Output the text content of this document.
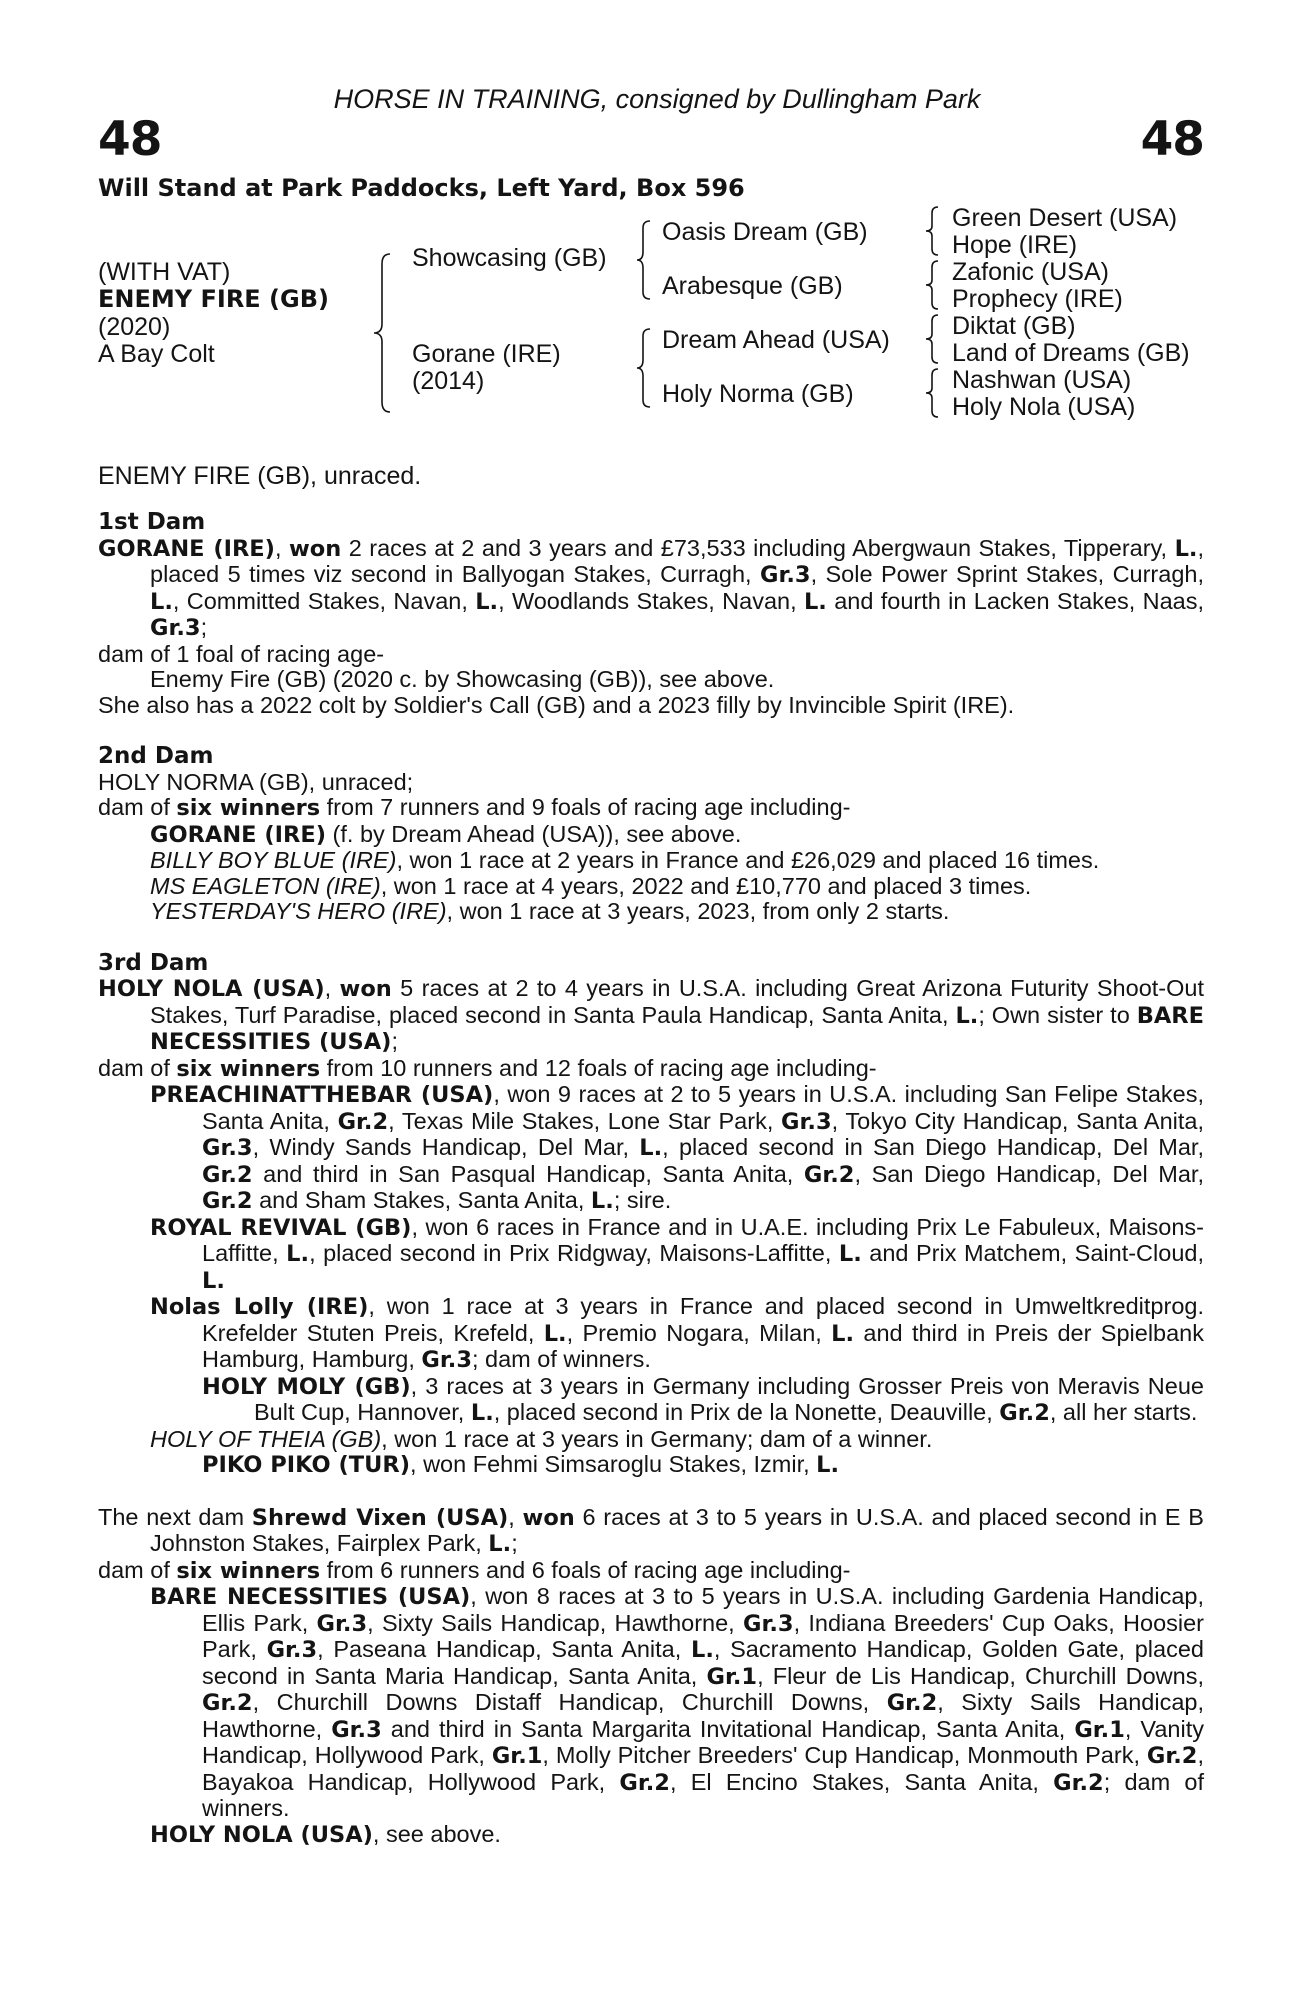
HORSE IN TRAINING, consigned by Dullingham Park
48	48
Will Stand at Park Paddocks, Left Yard, Box 596
(WITH VAT)
ENEMY FIRE (GB)
(2020)
A Bay Colt
Showcasing (GB)
Gorane (IRE)
(2014)
Oasis Dream (GB)
Arabesque (GB)
Dream Ahead (USA)
Holy Norma (GB)
Green Desert (USA)
Hope (IRE)
Zafonic (USA)
Prophecy (IRE)
Diktat (GB)
Land of Dreams (GB)
Nashwan (USA)
Holy Nola (USA)
ENEMY FIRE (GB), unraced.

1st Dam

GORANE (IRE), won 2 races at 2 and 3 years and £73,533 including Abergwaun Stakes, Tipperary, L., placed 5 times viz second in Ballyogan Stakes, Curragh, Gr.3, Sole Power Sprint Stakes, Curragh, L., Committed Stakes, Navan, L., Woodlands Stakes, Navan, L. and fourth in Lacken Stakes, Naas, Gr.3;

dam of 1 foal of racing age-

Enemy Fire (GB) (2020 c. by Showcasing (GB)), see above.

She also has a 2022 colt by Soldier's Call (GB) and a 2023 filly by Invincible Spirit (IRE).

2nd Dam

HOLY NORMA (GB), unraced;

dam of six winners from 7 runners and 9 foals of racing age including-

GORANE (IRE) (f. by Dream Ahead (USA)), see above.

BILLY BOY BLUE (IRE), won 1 race at 2 years in France and £26,029 and placed 16 times.

MS EAGLETON (IRE), won 1 race at 4 years, 2022 and £10,770 and placed 3 times.

YESTERDAY'S HERO (IRE), won 1 race at 3 years, 2023, from only 2 starts.

3rd Dam

HOLY NOLA (USA), won 5 races at 2 to 4 years in U.S.A. including Great Arizona Futurity Shoot-Out Stakes, Turf Paradise, placed second in Santa Paula Handicap, Santa Anita, L.; Own sister to BARE NECESSITIES (USA);

dam of six winners from 10 runners and 12 foals of racing age including-

PREACHINATTHEBAR (USA), won 9 races at 2 to 5 years in U.S.A. including San Felipe Stakes, Santa Anita, Gr.2, Texas Mile Stakes, Lone Star Park, Gr.3, Tokyo City Handicap, Santa Anita, Gr.3, Windy Sands Handicap, Del Mar, L., placed second in San Diego Handicap, Del Mar, Gr.2 and third in San Pasqual Handicap, Santa Anita, Gr.2, San Diego Handicap, Del Mar, Gr.2 and Sham Stakes, Santa Anita, L.; sire.

ROYAL REVIVAL (GB), won 6 races in France and in U.A.E. including Prix Le Fabuleux, Maisons-Laffitte, L., placed second in Prix Ridgway, Maisons-Laffitte, L. and Prix Matchem, Saint-Cloud, L.

Nolas Lolly (IRE), won 1 race at 3 years in France and placed second in Umweltkreditprog. Krefelder Stuten Preis, Krefeld, L., Premio Nogara, Milan, L. and third in Preis der Spielbank Hamburg, Hamburg, Gr.3; dam of winners.

HOLY MOLY (GB), 3 races at 3 years in Germany including Grosser Preis von Meravis Neue Bult Cup, Hannover, L., placed second in Prix de la Nonette, Deauville, Gr.2, all her starts.

HOLY OF THEIA (GB), won 1 race at 3 years in Germany; dam of a winner.

PIKO PIKO (TUR), won Fehmi Simsaroglu Stakes, Izmir, L.

The next dam Shrewd Vixen (USA), won 6 races at 3 to 5 years in U.S.A. and placed second in E B Johnston Stakes, Fairplex Park, L.;

dam of six winners from 6 runners and 6 foals of racing age including-

BARE NECESSITIES (USA), won 8 races at 3 to 5 years in U.S.A. including Gardenia Handicap, Ellis Park, Gr.3, Sixty Sails Handicap, Hawthorne, Gr.3, Indiana Breeders' Cup Oaks, Hoosier Park, Gr.3, Paseana Handicap, Santa Anita, L., Sacramento Handicap, Golden Gate, placed second in Santa Maria Handicap, Santa Anita, Gr.1, Fleur de Lis Handicap, Churchill Downs, Gr.2, Churchill Downs Distaff Handicap, Churchill Downs, Gr.2, Sixty Sails Handicap, Hawthorne, Gr.3 and third in Santa Margarita Invitational Handicap, Santa Anita, Gr.1, Vanity Handicap, Hollywood Park, Gr.1, Molly Pitcher Breeders' Cup Handicap, Monmouth Park, Gr.2, Bayakoa Handicap, Hollywood Park, Gr.2, El Encino Stakes, Santa Anita, Gr.2; dam of winners.

HOLY NOLA (USA), see above.
